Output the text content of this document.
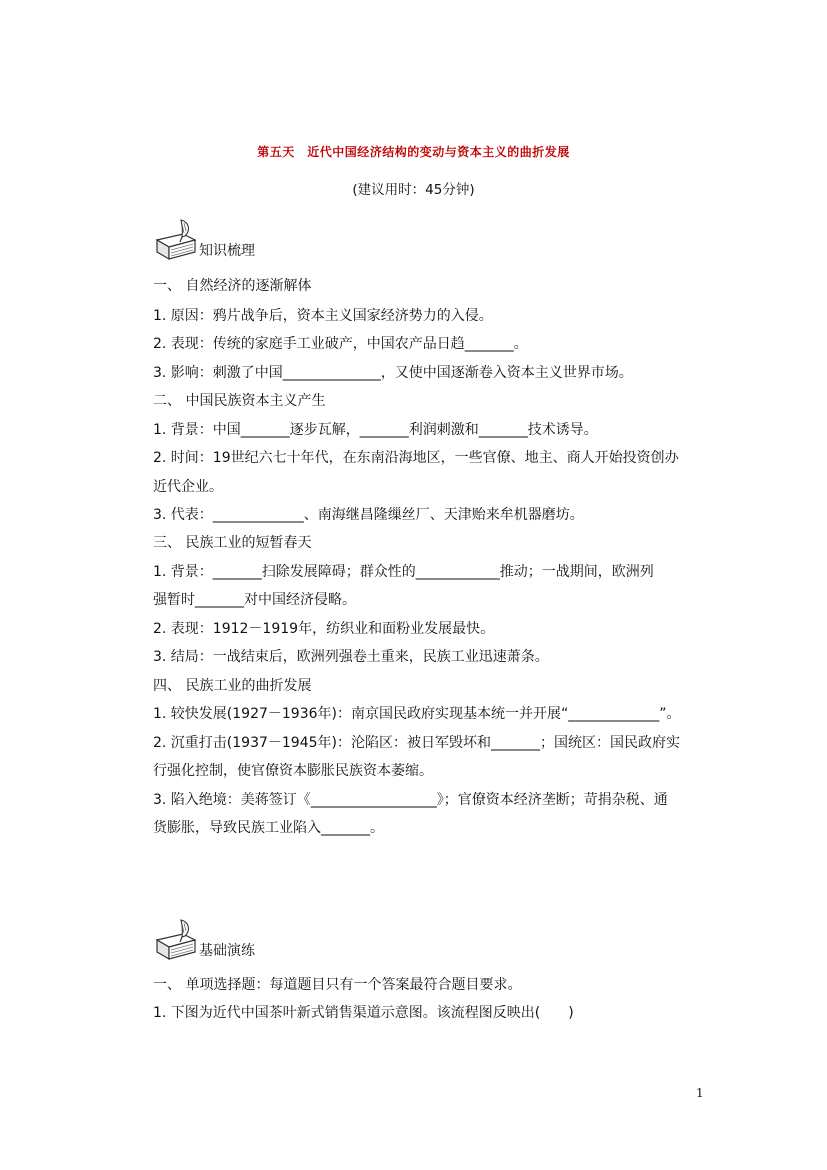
第五天　近代中国经济结构的变动与资本主义的曲折发展
(建议用时：45分钟)
知识梳理
一、 自然经济的逐渐解体
1. 原因：鸦片战争后，资本主义国家经济势力的入侵。
2. 表现：传统的家庭手工业破产，中国农产品日趋_______。
3. 影响：刺激了中国______________，又使中国逐渐卷入资本主义世界市场。
二、 中国民族资本主义产生
1. 背景：中国_______逐步瓦解，_______利润刺激和_______技术诱导。
2. 时间：19世纪六七十年代，在东南沿海地区，一些官僚、地主、商人开始投资创办
近代企业。
3. 代表：_____________、南海继昌隆缫丝厂、天津贻来牟机器磨坊。
三、 民族工业的短暂春天
1. 背景：_______扫除发展障碍；群众性的____________推动；一战期间，欧洲列
强暂时_______对中国经济侵略。
2. 表现：1912－1919年，纺织业和面粉业发展最快。
3. 结局：一战结束后，欧洲列强卷土重来，民族工业迅速萧条。
四、 民族工业的曲折发展
1. 较快发展(1927－1936年)：南京国民政府实现基本统一并开展“_____________”。
2. 沉重打击(1937－1945年)：沦陷区：被日军毁坏和_______；国统区：国民政府实
行强化控制，使官僚资本膨胀民族资本萎缩。
3. 陷入绝境：美蒋签订《__________________》；官僚资本经济垄断；苛捐杂税、通
货膨胀，导致民族工业陷入_______。
基础演练
一、 单项选择题：每道题目只有一个答案最符合题目要求。
1. 下图为近代中国茶叶新式销售渠道示意图。该流程图反映出(　　)
1
